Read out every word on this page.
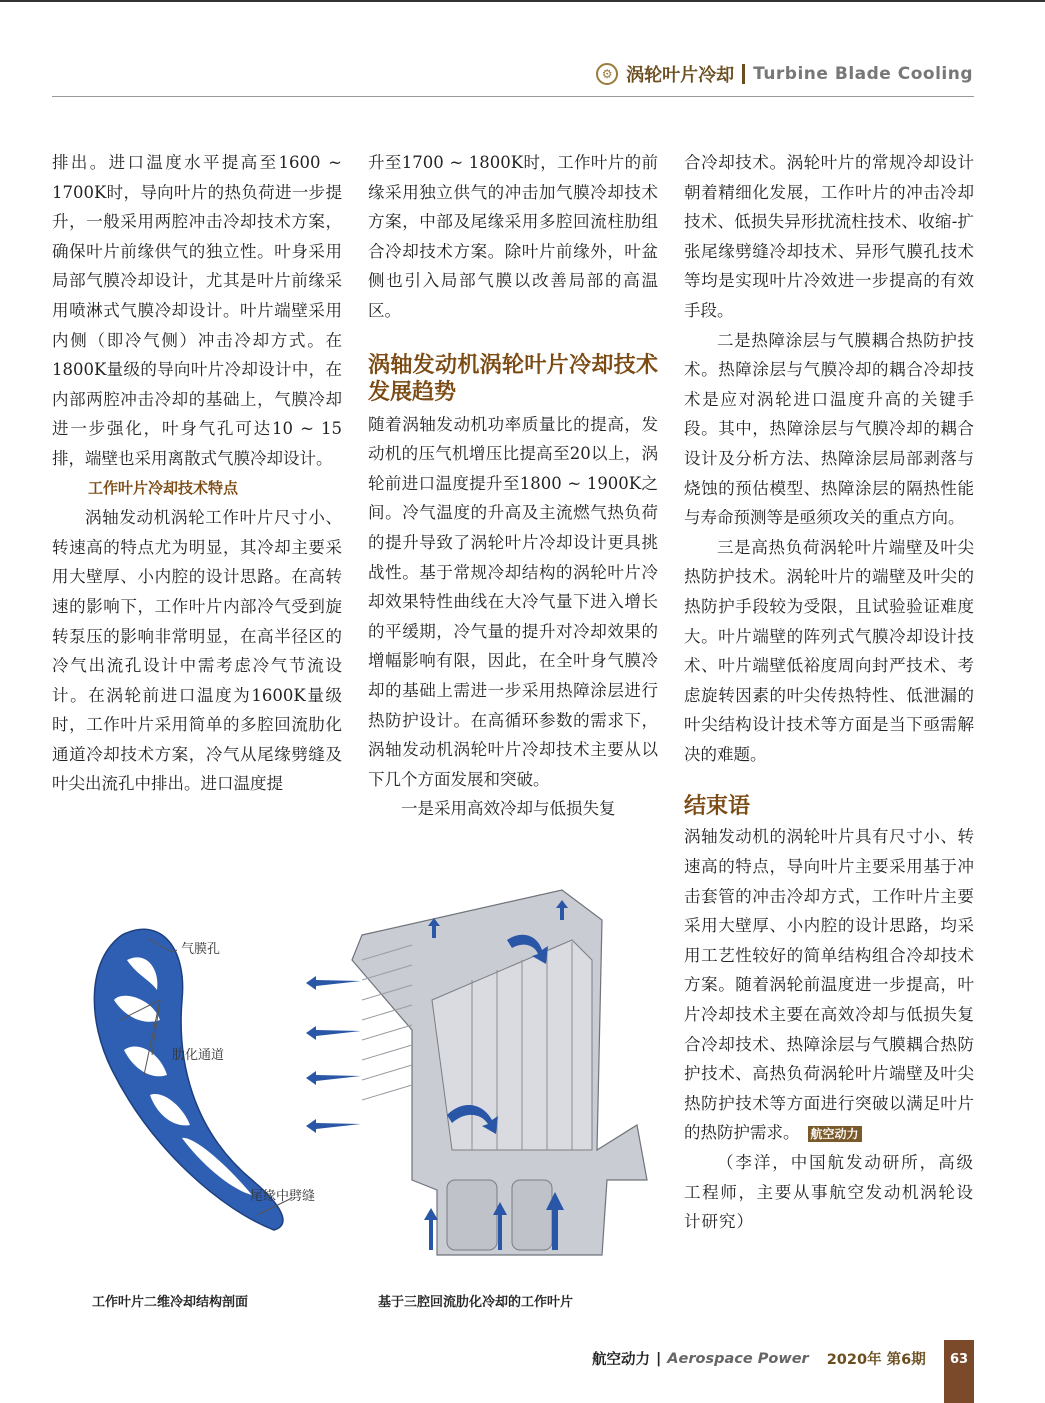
⚙ 涡轮叶片冷却 Turbine Blade Cooling

排出。进口温度水平提高至1600 ~ 1700K时，导向叶片的热负荷进一步提升，一般采用两腔冲击冷却技术方案，确保叶片前缘供气的独立性。叶身采用局部气膜冷却设计，尤其是叶片前缘采用喷淋式气膜冷却设计。叶片端壁采用内侧（即冷气侧）冲击冷却方式。在1800K量级的导向叶片冷却设计中，在内部两腔冲击冷却的基础上，气膜冷却进一步强化，叶身气孔可达10 ~ 15排，端壁也采用离散式气膜冷却设计。

工作叶片冷却技术特点

涡轴发动机涡轮工作叶片尺寸小、转速高的特点尤为明显，其冷却主要采用大壁厚、小内腔的设计思路。在高转速的影响下，工作叶片内部冷气受到旋转泵压的影响非常明显，在高半径区的冷气出流孔设计中需考虑冷气节流设计。在涡轮前进口温度为1600K量级时，工作叶片采用简单的多腔回流肋化通道冷却技术方案，冷气从尾缘劈缝及叶尖出流孔中排出。进口温度提

升至1700 ~ 1800K时，工作叶片的前缘采用独立供气的冲击加气膜冷却技术方案，中部及尾缘采用多腔回流柱肋组合冷却技术方案。除叶片前缘外，叶盆侧也引入局部气膜以改善局部的高温区。

涡轴发动机涡轮叶片冷却技术发展趋势

随着涡轴发动机功率质量比的提高，发动机的压气机增压比提高至20以上，涡轮前进口温度提升至1800 ~ 1900K之间。冷气温度的升高及主流燃气热负荷的提升导致了涡轮叶片冷却设计更具挑战性。基于常规冷却结构的涡轮叶片冷却效果特性曲线在大冷气量下进入增长的平缓期，冷气量的提升对冷却效果的增幅影响有限，因此，在全叶身气膜冷却的基础上需进一步采用热障涂层进行热防护设计。在高循环参数的需求下，涡轴发动机涡轮叶片冷却技术主要从以下几个方面发展和突破。

一是采用高效冷却与低损失复

合冷却技术。涡轮叶片的常规冷却设计朝着精细化发展，工作叶片的冲击冷却技术、低损失异形扰流柱技术、收缩-扩张尾缘劈缝冷却技术、异形气膜孔技术等均是实现叶片冷效进一步提高的有效手段。

二是热障涂层与气膜耦合热防护技术。热障涂层与气膜冷却的耦合冷却技术是应对涡轮进口温度升高的关键手段。其中，热障涂层与气膜冷却的耦合设计及分析方法、热障涂层局部剥落与烧蚀的预估模型、热障涂层的隔热性能与寿命预测等是亟须攻关的重点方向。

三是高热负荷涡轮叶片端壁及叶尖热防护技术。涡轮叶片的端壁及叶尖的热防护手段较为受限，且试验验证难度大。叶片端壁的阵列式气膜冷却设计技术、叶片端壁低裕度周向封严技术、考虑旋转因素的叶尖传热特性、低泄漏的叶尖结构设计技术等方面是当下亟需解决的难题。

结束语

涡轴发动机的涡轮叶片具有尺寸小、转速高的特点，导向叶片主要采用基于冲击套管的冲击冷却方式，工作叶片主要采用大壁厚、小内腔的设计思路，均采用工艺性较好的简单结构组合冷却技术方案。随着涡轮前温度进一步提高，叶片冷却技术主要在高效冷却与低损失复合冷却技术、热障涂层与气膜耦合热防护技术、高热负荷涡轮叶片端壁及叶尖热防护技术等方面进行突破以满足叶片的热防护需求。 航空动力

（李洋，中国航发动研所，高级工程师，主要从事航空发动机涡轮设计研究）

气膜孔
肋化通道
尾缘中劈缝
工作叶片二维冷却结构剖面	基于三腔回流肋化冷却的工作叶片
航空动力 | Aerospace Power 2020年 第6期	63
